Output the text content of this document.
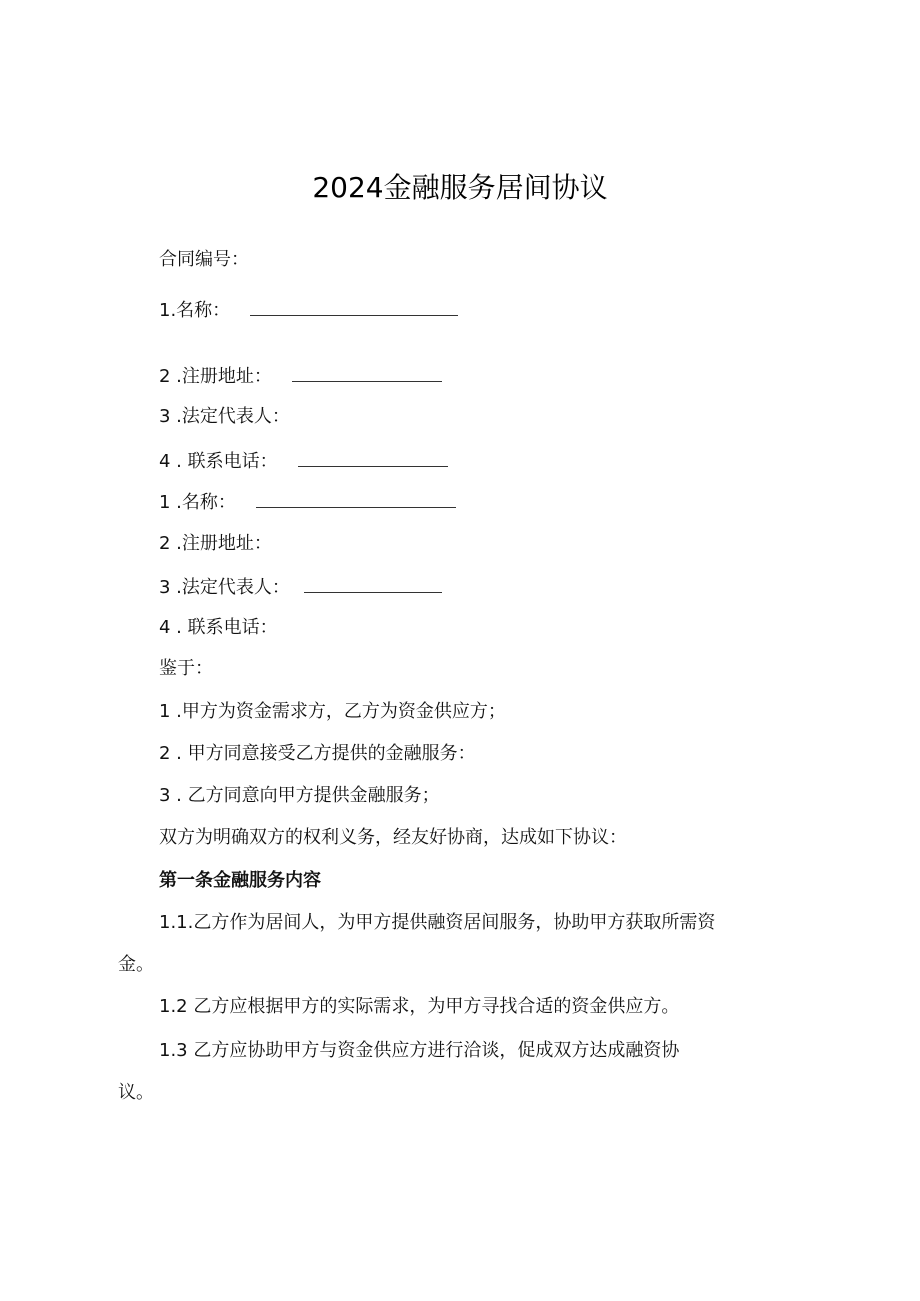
2024金融服务居间协议
合同编号：
1.名称：
2 .注册地址：
3 .法定代表人：
4 . 联系电话：
1 .名称：
2 .注册地址：
3 .法定代表人：
4 . 联系电话：
鉴于：
1 .甲方为资金需求方，乙方为资金供应方；
2 . 甲方同意接受乙方提供的金融服务：
3 . 乙方同意向甲方提供金融服务；
双方为明确双方的权利义务，经友好协商，达成如下协议：
第一条金融服务内容
1.1.乙方作为居间人，为甲方提供融资居间服务，协助甲方获取所需资
金。
1.2 乙方应根据甲方的实际需求，为甲方寻找合适的资金供应方。
1.3 乙方应协助甲方与资金供应方进行洽谈，促成双方达成融资协
议。
